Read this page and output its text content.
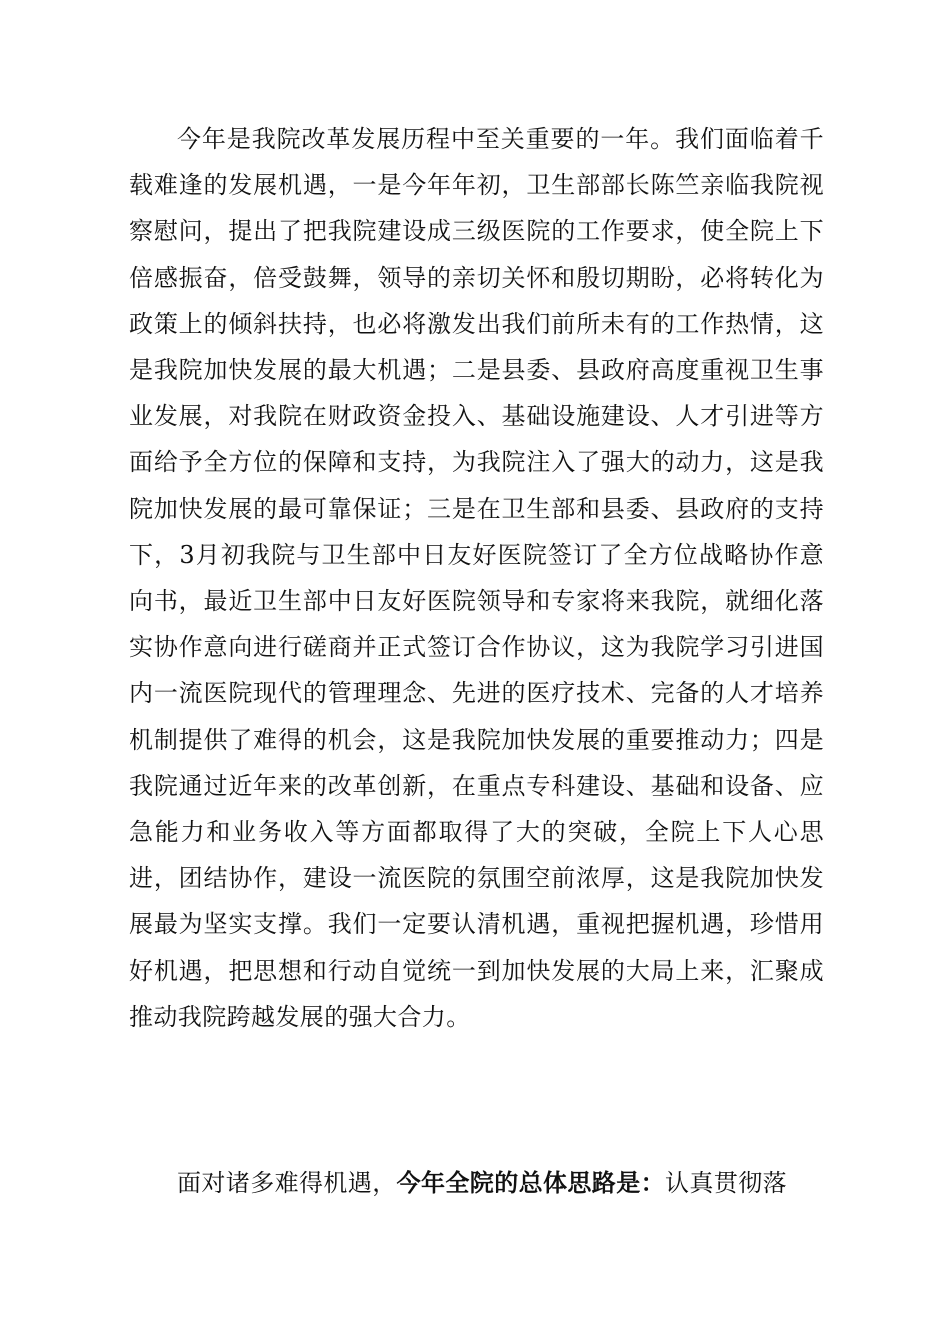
今年是我院改革发展历程中至关重要的一年。我们面临着千载难逢的发展机遇，一是今年年初，卫生部部长陈竺亲临我院视察慰问，提出了把我院建设成三级医院的工作要求，使全院上下倍感振奋，倍受鼓舞，领导的亲切关怀和殷切期盼，必将转化为政策上的倾斜扶持，也必将激发出我们前所未有的工作热情，这是我院加快发展的最大机遇；二是县委、县政府高度重视卫生事业发展，对我院在财政资金投入、基础设施建设、人才引进等方面给予全方位的保障和支持，为我院注入了强大的动力，这是我院加快发展的最可靠保证；三是在卫生部和县委、县政府的支持下，3月初我院与卫生部中日友好医院签订了全方位战略协作意向书，最近卫生部中日友好医院领导和专家将来我院，就细化落实协作意向进行磋商并正式签订合作协议，这为我院学习引进国内一流医院现代的管理理念、先进的医疗技术、完备的人才培养机制提供了难得的机会，这是我院加快发展的重要推动力；四是我院通过近年来的改革创新，在重点专科建设、基础和设备、应急能力和业务收入等方面都取得了大的突破，全院上下人心思进，团结协作，建设一流医院的氛围空前浓厚，这是我院加快发展最为坚实支撑。我们一定要认清机遇，重视把握机遇，珍惜用好机遇，把思想和行动自觉统一到加快发展的大局上来，汇聚成推动我院跨越发展的强大合力。

面对诸多难得机遇，今年全院的总体思路是：认真贯彻落
